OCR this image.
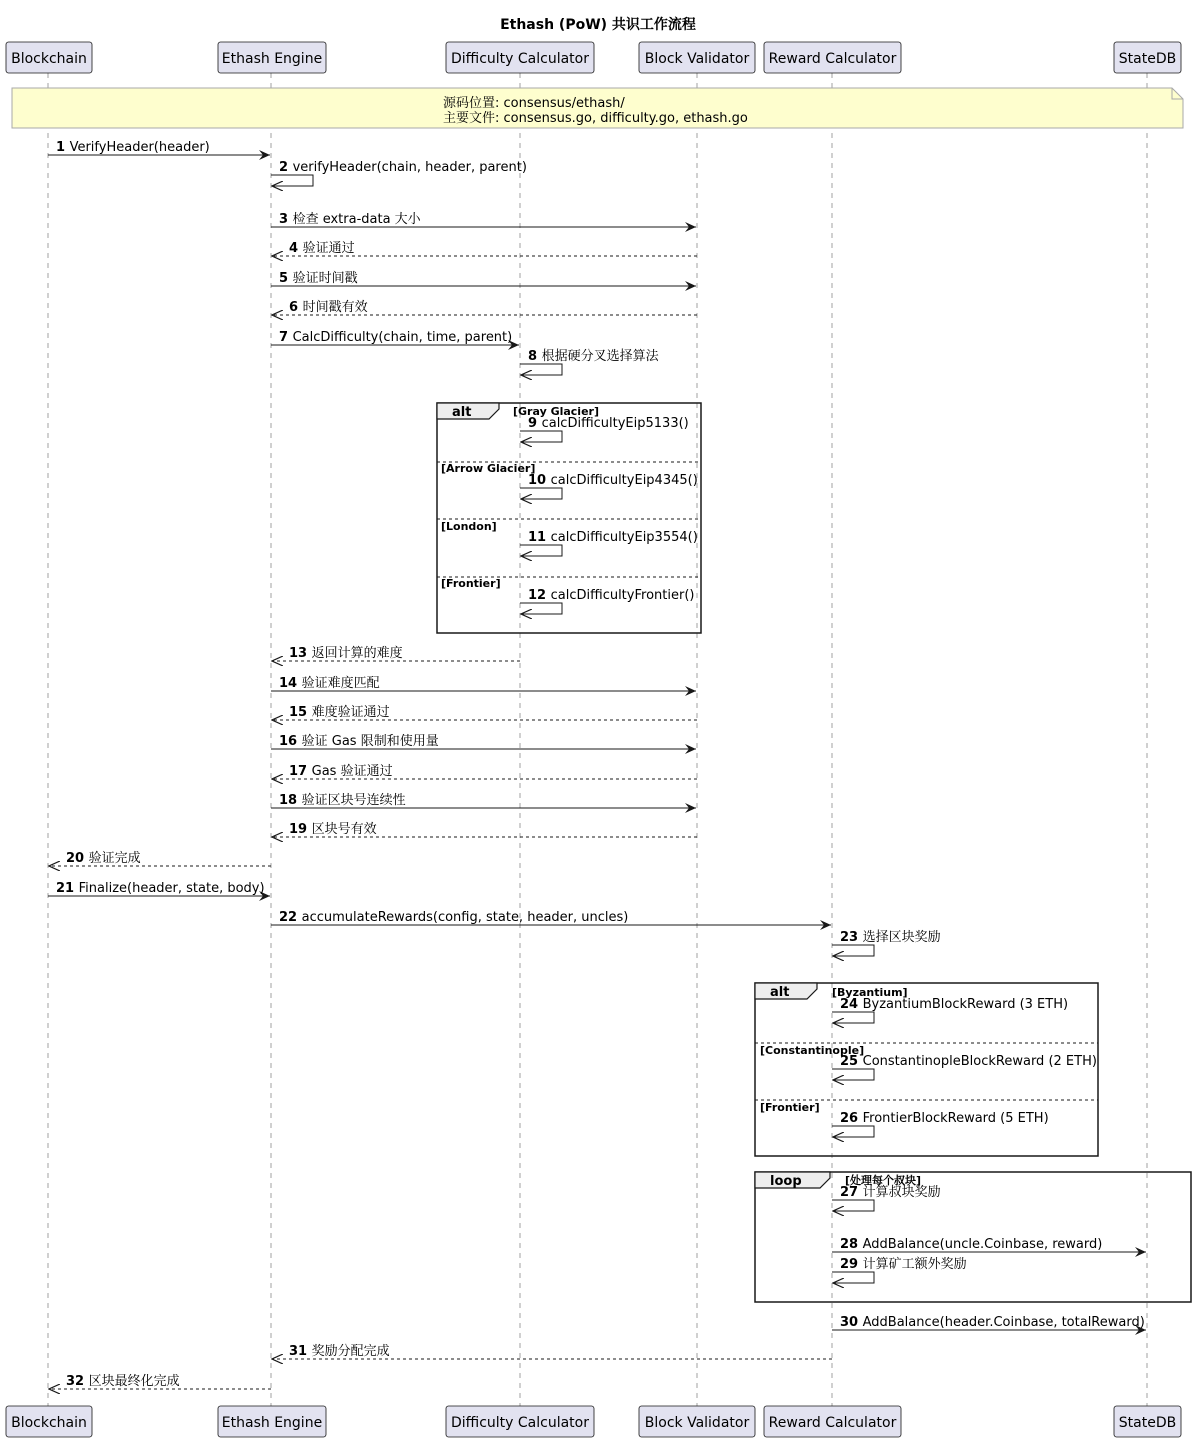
Ethash (PoW) 共识工作流程
Blockchain	Ethash Engine	Difficulty Calculator	Block Validator Reward Calculator	StateDB
Blockchain	Ethash Engine	Difficulty Calculator	Block Validator Reward Calculator	StateDB
源码位置: consensus/ethash/
主要文件: consensus.go, difficulty.go, ethash.go
alt	[Gray Glacier]
[Arrow Glacier]
[London]
[Frontier]
alt	[Byzantium]
[Constantinople]
[Frontier]
loop	[处理每个叔块]
1 VerifyHeader(header)
2 verifyHeader(chain, header, parent)
3 检查 extra-data 大小
4 验证通过
5 验证时间戳
6 时间戳有效
7 CalcDifficulty(chain, time, parent)
8 根据硬分叉选择算法
9 calcDifficultyEip5133()
10 calcDifficultyEip4345()
11 calcDifficultyEip3554()
12 calcDifficultyFrontier()
13 返回计算的难度
14 验证难度匹配
15 难度验证通过
16 验证 Gas 限制和使用量
17 Gas 验证通过
18 验证区块号连续性
19 区块号有效
20 验证完成
21 Finalize(header, state, body)
22 accumulateRewards(config, state, header, uncles)
23 选择区块奖励
24 ByzantiumBlockReward (3 ETH)
25 ConstantinopleBlockReward (2 ETH)
26 FrontierBlockReward (5 ETH)
27 计算叔块奖励
28 AddBalance(uncle.Coinbase, reward)
29 计算矿工额外奖励
30 AddBalance(header.Coinbase, totalReward)
31 奖励分配完成
32 区块最终化完成
